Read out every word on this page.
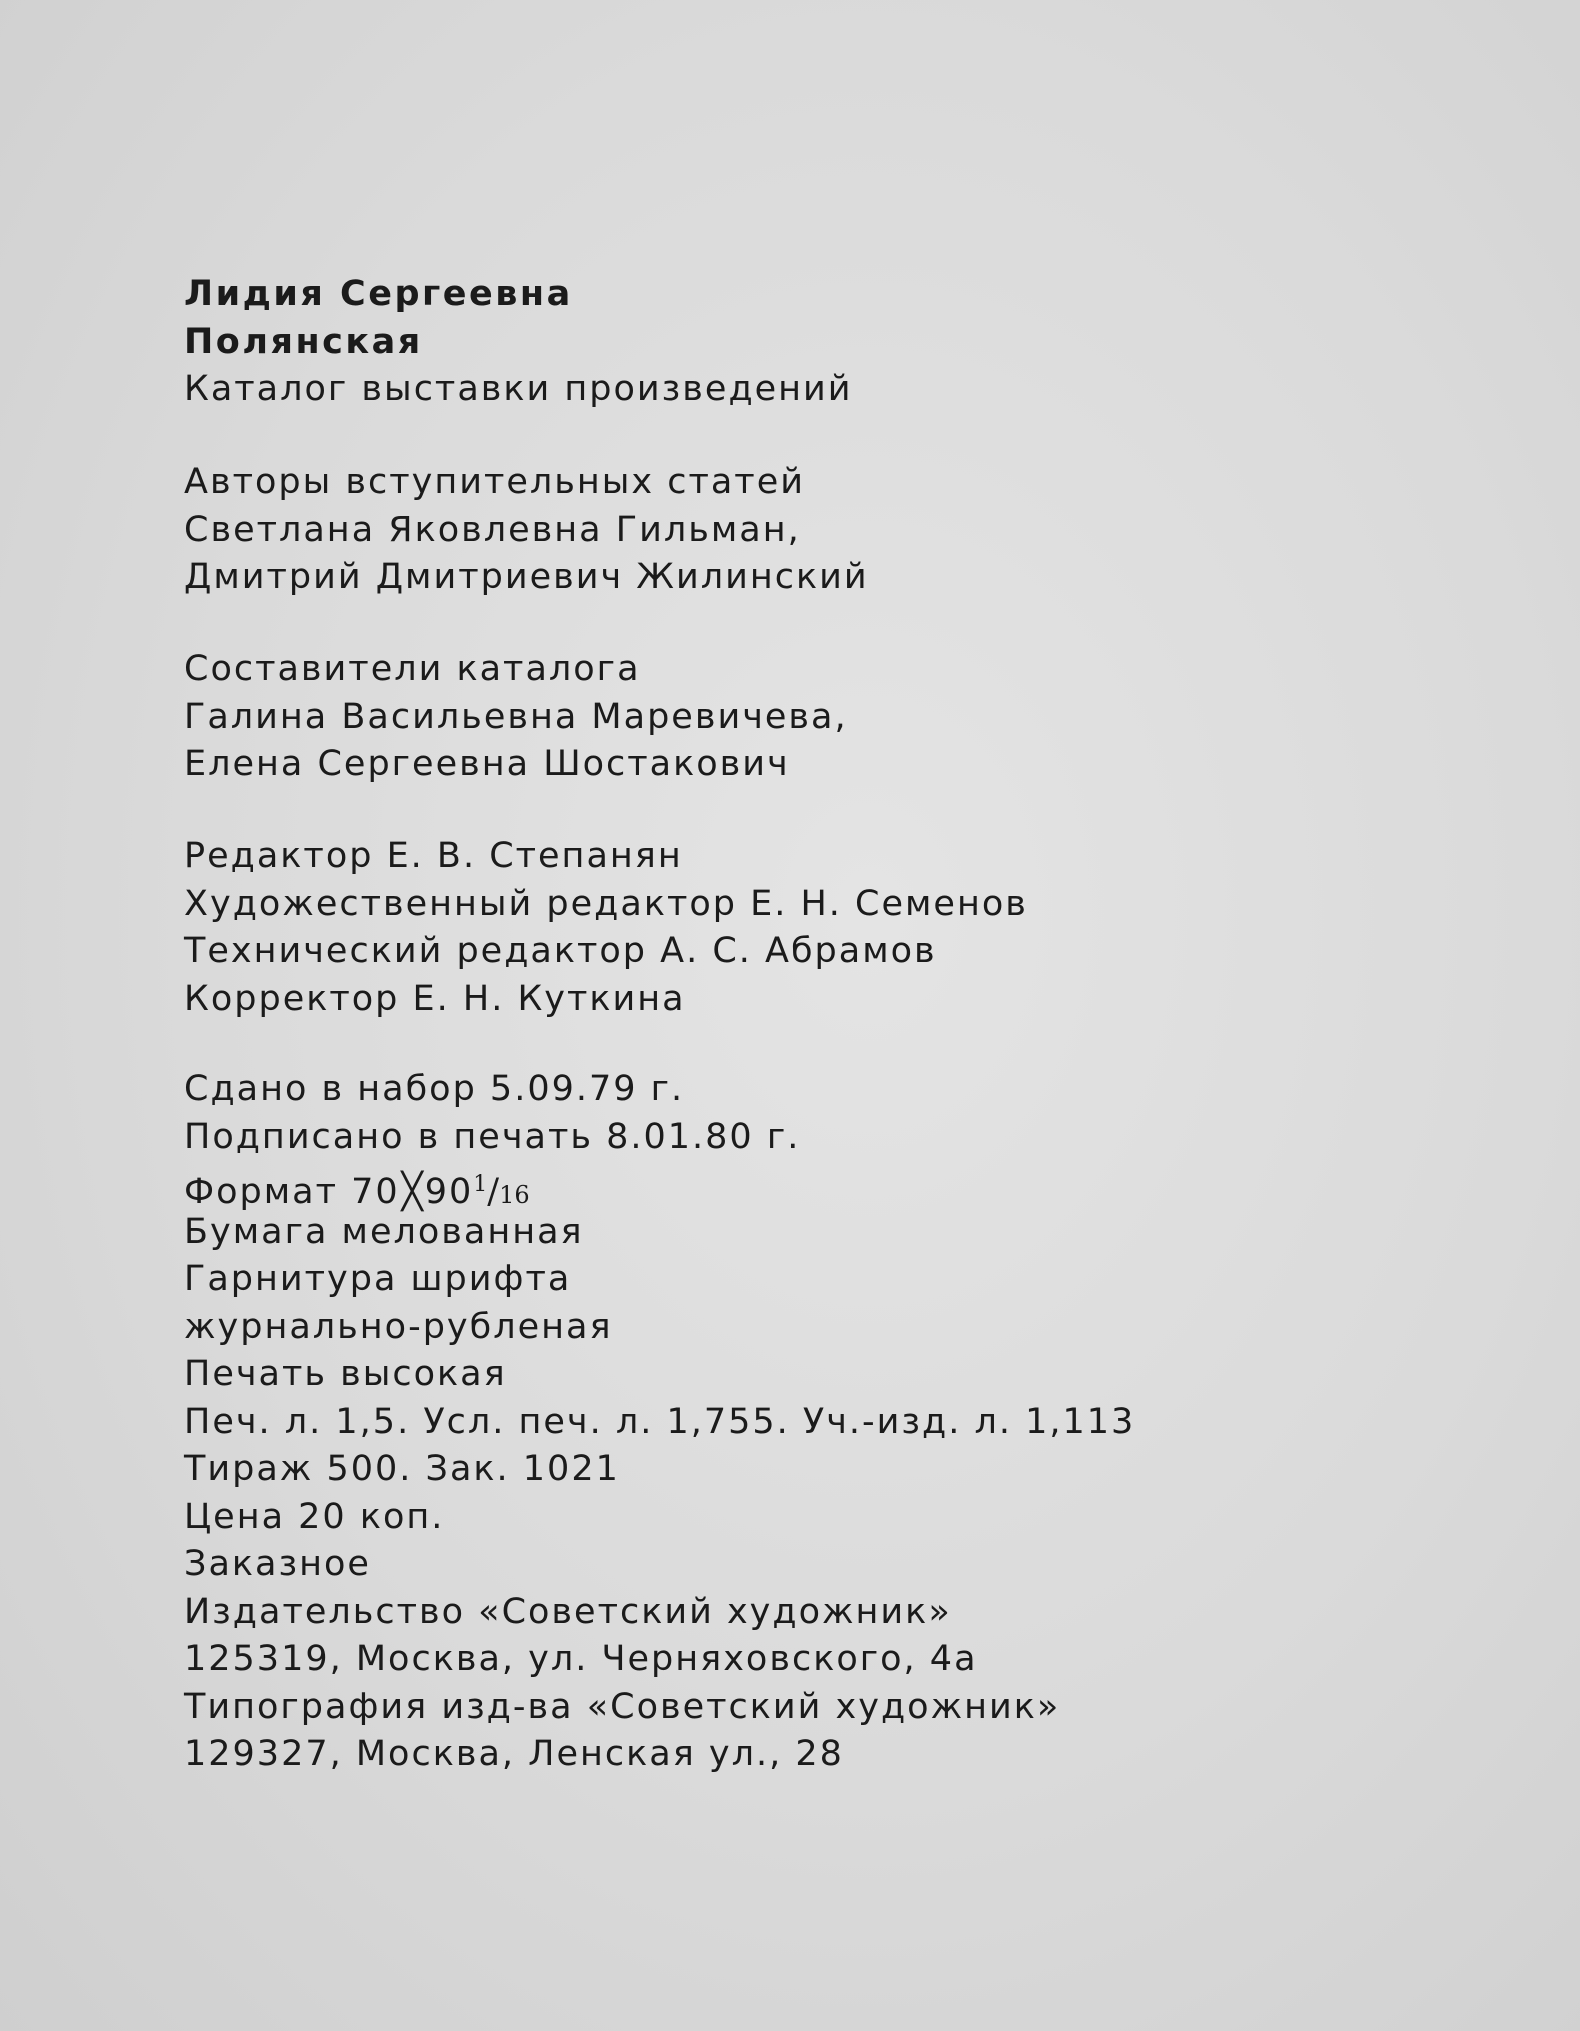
Лидия Сергеевна
Полянская
Каталог выставки произведений
Авторы вступительных статей
Светлана Яковлевна Гильман,
Дмитрий Дмитриевич Жилинский
Составители каталога
Галина Васильевна Маревичева,
Елена Сергеевна Шостакович
Редактор Е. В. Степанян
Художественный редактор Е. Н. Семенов
Технический редактор А. С. Абрамов
Корректор Е. Н. Куткина
Сдано в набор 5.09.79 г.
Подписано в печать 8.01.80 г.
Формат $70╳90^1/16$
Бумага мелованная
Гарнитура шрифта
журнально-рубленая
Печать высокая
Печ. л. 1,5. Усл. печ. л. 1,755. Уч.-изд. л. 1,113
Тираж 500. Зак. 1021
Цена 20 коп.
Заказное
Издательство «Советский художник»
125319, Москва, ул. Черняховского, 4а
Типография изд-ва «Советский художник»
129327, Москва, Ленская ул., 28
